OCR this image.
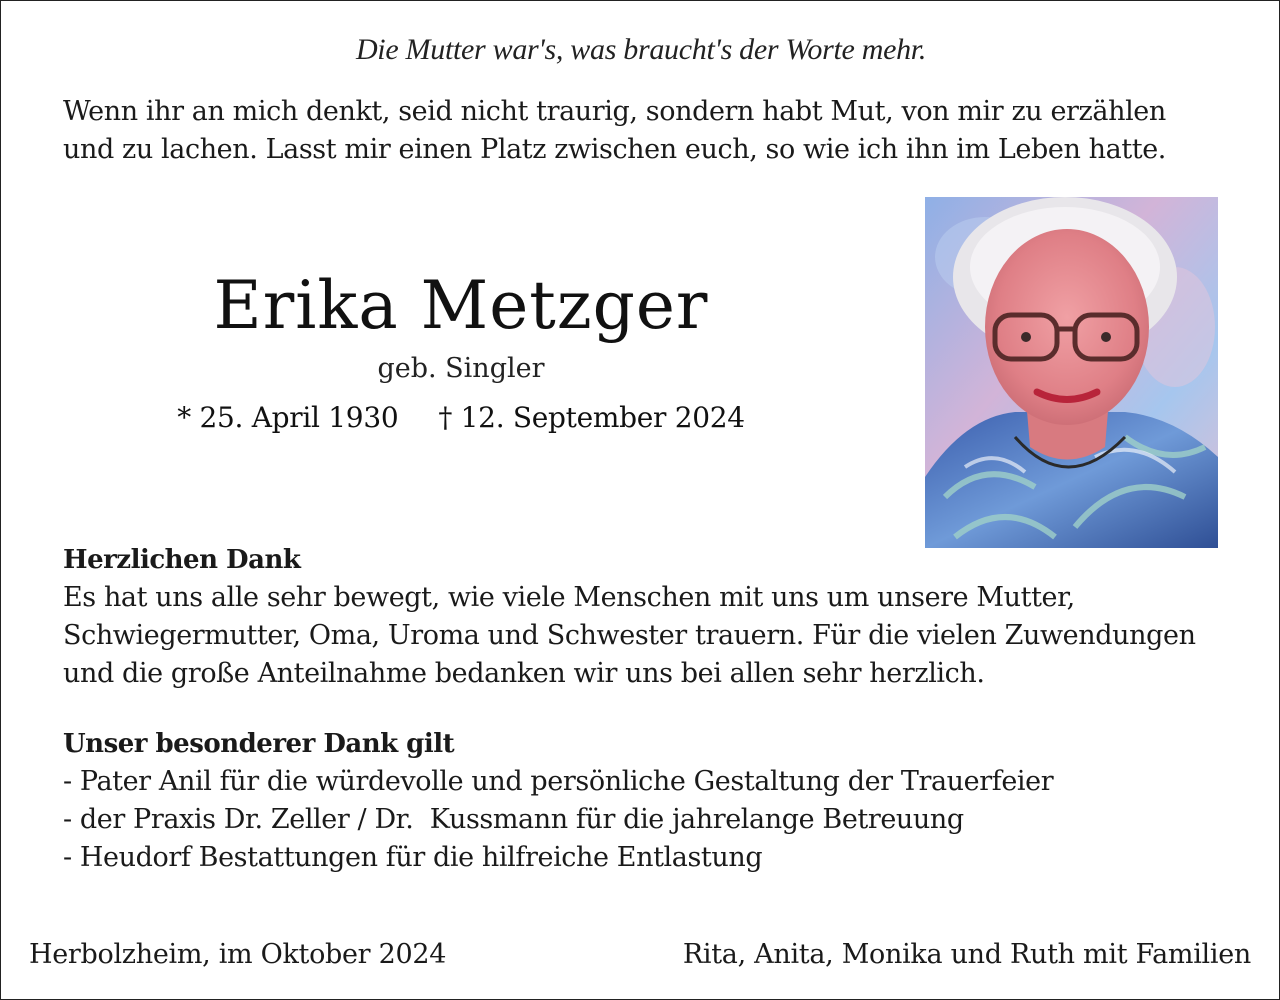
Die Mutter war's, was braucht's der Worte mehr.
Wenn ihr an mich denkt, seid nicht traurig, sondern habt Mut, von mir zu erzählen
und zu lachen. Lasst mir einen Platz zwischen euch, so wie ich ihn im Leben hatte.
Erika Metzger
geb. Singler
* 25. April 1930 † 12. September 2024
Herzlichen Dank
Es hat uns alle sehr bewegt, wie viele Menschen mit uns um unsere Mutter,
Schwiegermutter, Oma, Uroma und Schwester trauern. Für die vielen Zuwendungen
und die große Anteilnahme bedanken wir uns bei allen sehr herzlich.
Unser besonderer Dank gilt
- Pater Anil für die würdevolle und persönliche Gestaltung der Trauerfeier
- der Praxis Dr. Zeller / Dr.  Kussmann für die jahrelange Betreuung
- Heudorf Bestattungen für die hilfreiche Entlastung
Herbolzheim, im Oktober 2024	Rita, Anita, Monika und Ruth mit Familien
